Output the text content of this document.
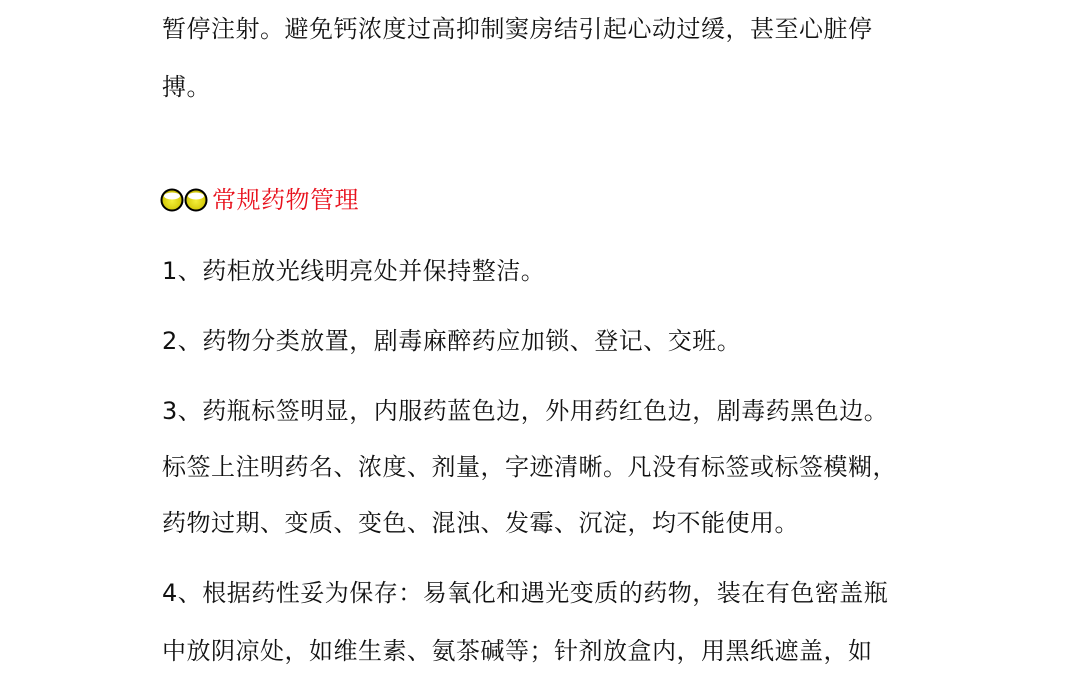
暂停注射。避免钙浓度过高抑制窦房结引起心动过缓，甚至心脏停
搏。
常规药物管理
1、药柜放光线明亮处并保持整洁。
2、药物分类放置，剧毒麻醉药应加锁、登记、交班。
3、药瓶标签明显，内服药蓝色边，外用药红色边，剧毒药黑色边。
标签上注明药名、浓度、剂量，字迹清晰。凡没有标签或标签模糊，
药物过期、变质、变色、混浊、发霉、沉淀，均不能使用。
4、根据药性妥为保存：易氧化和遇光变质的药物，装在有色密盖瓶
中放阴凉处，如维生素、氨茶碱等；针剂放盒内，用黑纸遮盖，如
